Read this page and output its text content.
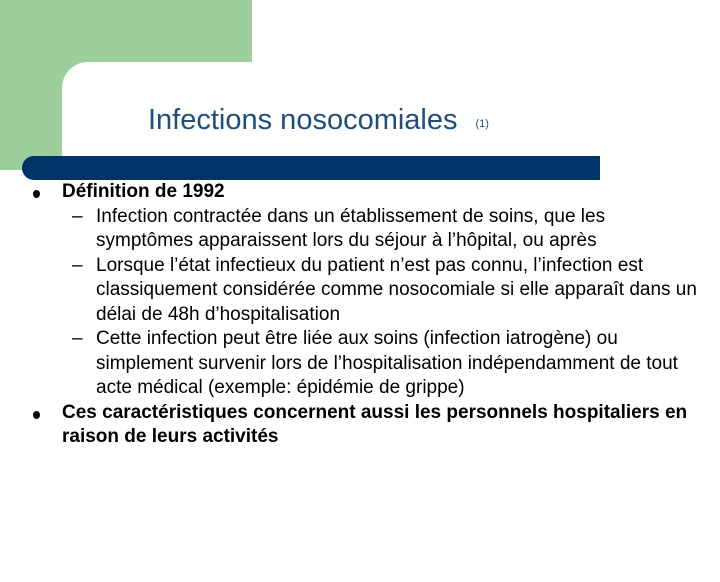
Infections nosocomiales (1)
Définition de 1992
– Infection contractée dans un établissement de soins, que les symptômes apparaissent lors du séjour à l’hôpital, ou après
– Lorsque l’état infectieux du patient n’est pas connu, l’infection est classiquement considérée comme nosocomiale si elle apparaît dans un délai de 48h d’hospitalisation
– Cette infection peut être liée aux soins (infection iatrogène) ou simplement survenir lors de l’hospitalisation indépendamment de tout acte médical (exemple: épidémie de grippe)
Ces caractéristiques concernent aussi les personnels hospitaliers en raison de leurs activités
